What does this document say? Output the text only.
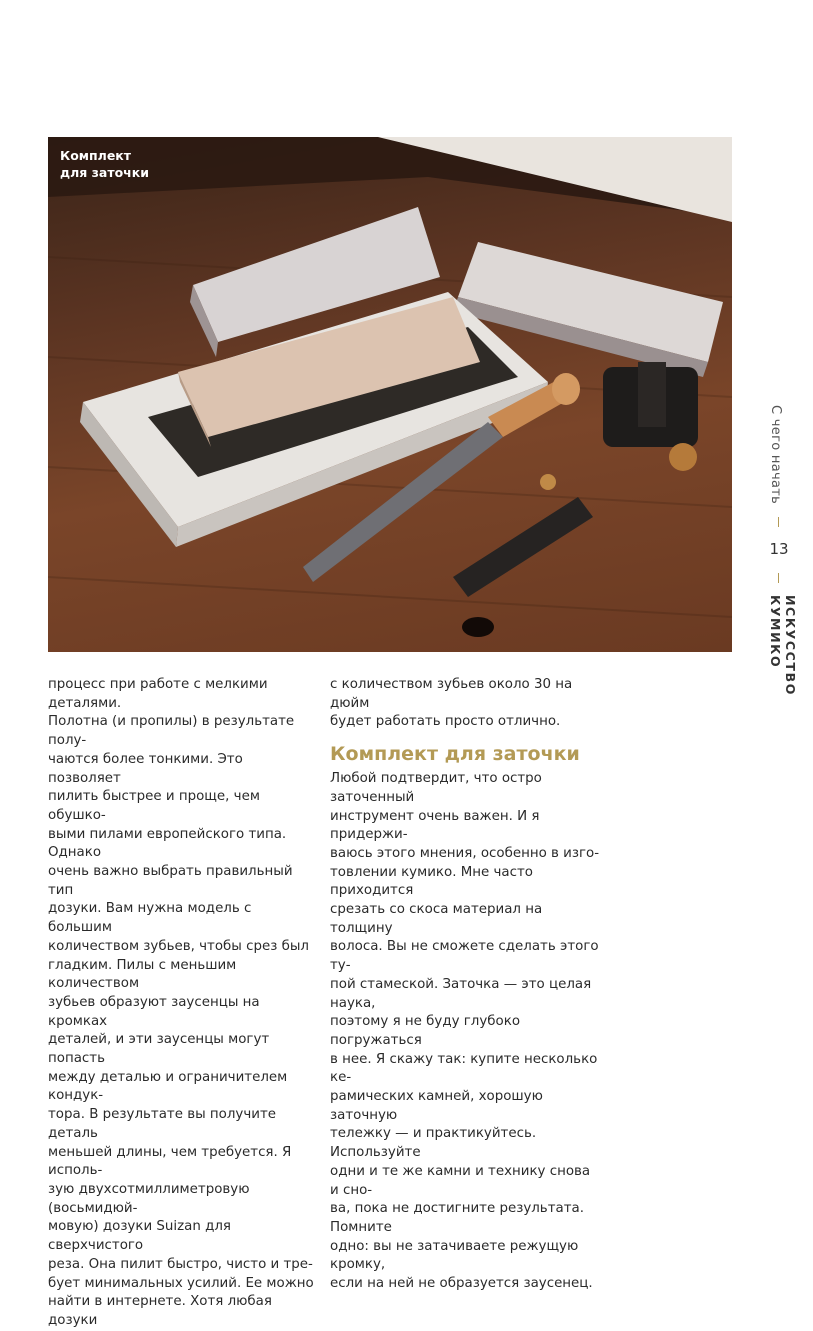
Комплект
для заточки

процесс при работе с мелкими деталями.
Полотна (и пропилы) в результате полу-
чаются более тонкими. Это позволяет
пилить быстрее и проще, чем обушко-
выми пилами европейского типа. Однако
очень важно выбрать правильный тип
дозуки. Вам нужна модель с большим
количеством зубьев, чтобы срез был
гладким. Пилы с меньшим количеством
зубьев образуют заусенцы на кромках
деталей, и эти заусенцы могут попасть
между деталью и ограничителем кондук-
тора. В результате вы получите деталь
меньшей длины, чем требуется. Я исполь-
зую двухсотмиллиметровую (восьмидюй-
мовую) дозуки Suizan для сверхчистого
реза. Она пилит быстро, чисто и тре-
бует минимальных усилий. Ее можно
найти в интернете. Хотя любая дозуки

с количеством зубьев около 30 на дюйм
будет работать просто отлично.

Комплект для заточки

Любой подтвердит, что остро заточенный
инструмент очень важен. И я придержи-
ваюсь этого мнения, особенно в изго-
товлении кумико. Мне часто приходится
срезать со скоса материал на толщину
волоса. Вы не сможете сделать этого ту-
пой стамеской. Заточка — это целая наука,
поэтому я не буду глубоко погружаться
в нее. Я скажу так: купите несколько ке-
рамических камней, хорошую заточную
тележку — и практикуйтесь. Используйте
одни и те же камни и технику снова и сно-
ва, пока не достигните результата. Помните
одно: вы не затачиваете режущую кромку,
если на ней не образуется заусенец.

С чего начать
13
ИСКУССТВО КУМИКО
